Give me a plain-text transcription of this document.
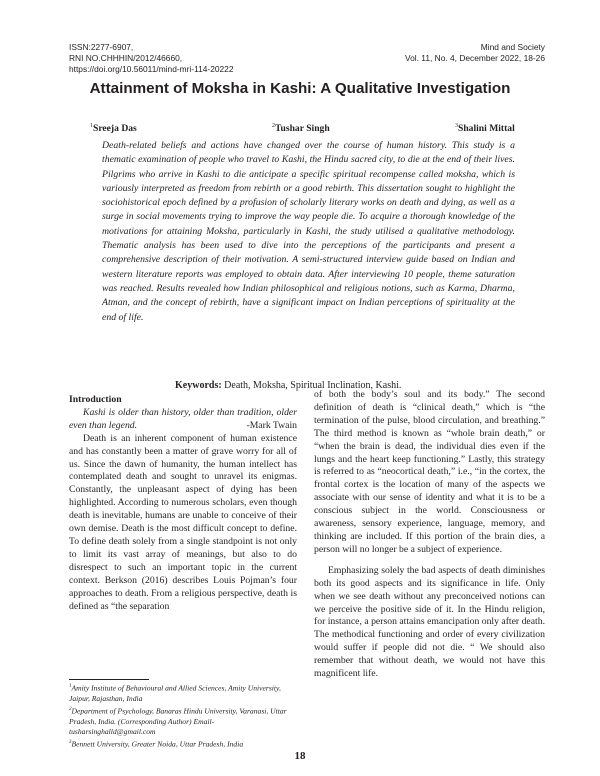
ISSN:2277-6907,
RNI NO.CHHHIN/2012/46660,
https://doi.org/10.56011/mind-mri-114-20222
Mind and Society
Vol. 11, No. 4, December 2022, 18-26
Attainment of Moksha in Kashi: A Qualitative Investigation
$^1$Sreeja Das	$^2$Tushar Singh	$^3$Shalini Mittal
Death-related beliefs and actions have changed over the course of human history. This study is a thematic examination of people who travel to Kashi, the Hindu sacred city, to die at the end of their lives. Pilgrims who arrive in Kashi to die anticipate a specific spiritual recompense called moksha, which is variously interpreted as freedom from rebirth or a good rebirth. This dissertation sought to highlight the sociohistorical epoch defined by a profusion of scholarly literary works on death and dying, as well as a surge in social movements trying to improve the way people die. To acquire a thorough knowledge of the motivations for attaining Moksha, particularly in Kashi, the study utilised a qualitative methodology. Thematic analysis has been used to dive into the perceptions of the participants and present a comprehensive description of their motivation. A semi-structured interview guide based on Indian and western literature reports was employed to obtain data. After interviewing 10 people, theme saturation was reached. Results revealed how Indian philosophical and religious notions, such as Karma, Dharma, Atman, and the concept of rebirth, have a significant impact on Indian perceptions of spirituality at the end of life.
Keywords: Death, Moksha, Spiritual Inclination, Kashi.
Introduction

Kashi is older than history, older than tradition, older even than legend.	-Mark Twain

Death is an inherent component of human existence and has constantly been a matter of grave worry for all of us. Since the dawn of humanity, the human intellect has contemplated death and sought to unravel its enigmas. Constantly, the unpleasant aspect of dying has been highlighted. According to numerous scholars, even though death is inevitable, humans are unable to conceive of their own demise. Death is the most difficult concept to define. To define death solely from a single standpoint is not only to limit its vast array of meanings, but also to do disrespect to such an important topic in the current context. Berkson (2016) describes Louis Pojman’s four approaches to death. From a religious perspective, death is defined as “the separation

of both the body’s soul and its body.” The second definition of death is “clinical death,” which is “the termination of the pulse, blood circulation, and breathing.” The third method is known as “whole brain death,” or “when the brain is dead, the individual dies even if the lungs and the heart keep functioning.” Lastly, this strategy is referred to as “neocortical death,” i.e., “in the cortex, the frontal cortex is the location of many of the aspects we associate with our sense of identity and what it is to be a conscious subject in the world. Consciousness or awareness, sensory experience, language, memory, and thinking are included. If this portion of the brain dies, a person will no longer be a subject of experience.

Emphasizing solely the bad aspects of death diminishes both its good aspects and its significance in life. Only when we see death without any preconceived notions can we perceive the positive side of it. In the Hindu religion, for instance, a person attains emancipation only after death. The methodical functioning and order of every civilization would suffer if people did not die. “ We should also remember that without death, we would not have this magnificent life.

$^1$Amity Institute of Behavioural and Allied Sciences, Amity University, Jaipur, Rajasthan, India
$^2$Department of Psychology, Banaras Hindu University, Varanasi, Uttar Pradesh, India. (Corresponding Author) Email- tusharsinghalld@gmail.com
$^3$Bennett University, Greater Noida, Uttar Pradesh, India
18
